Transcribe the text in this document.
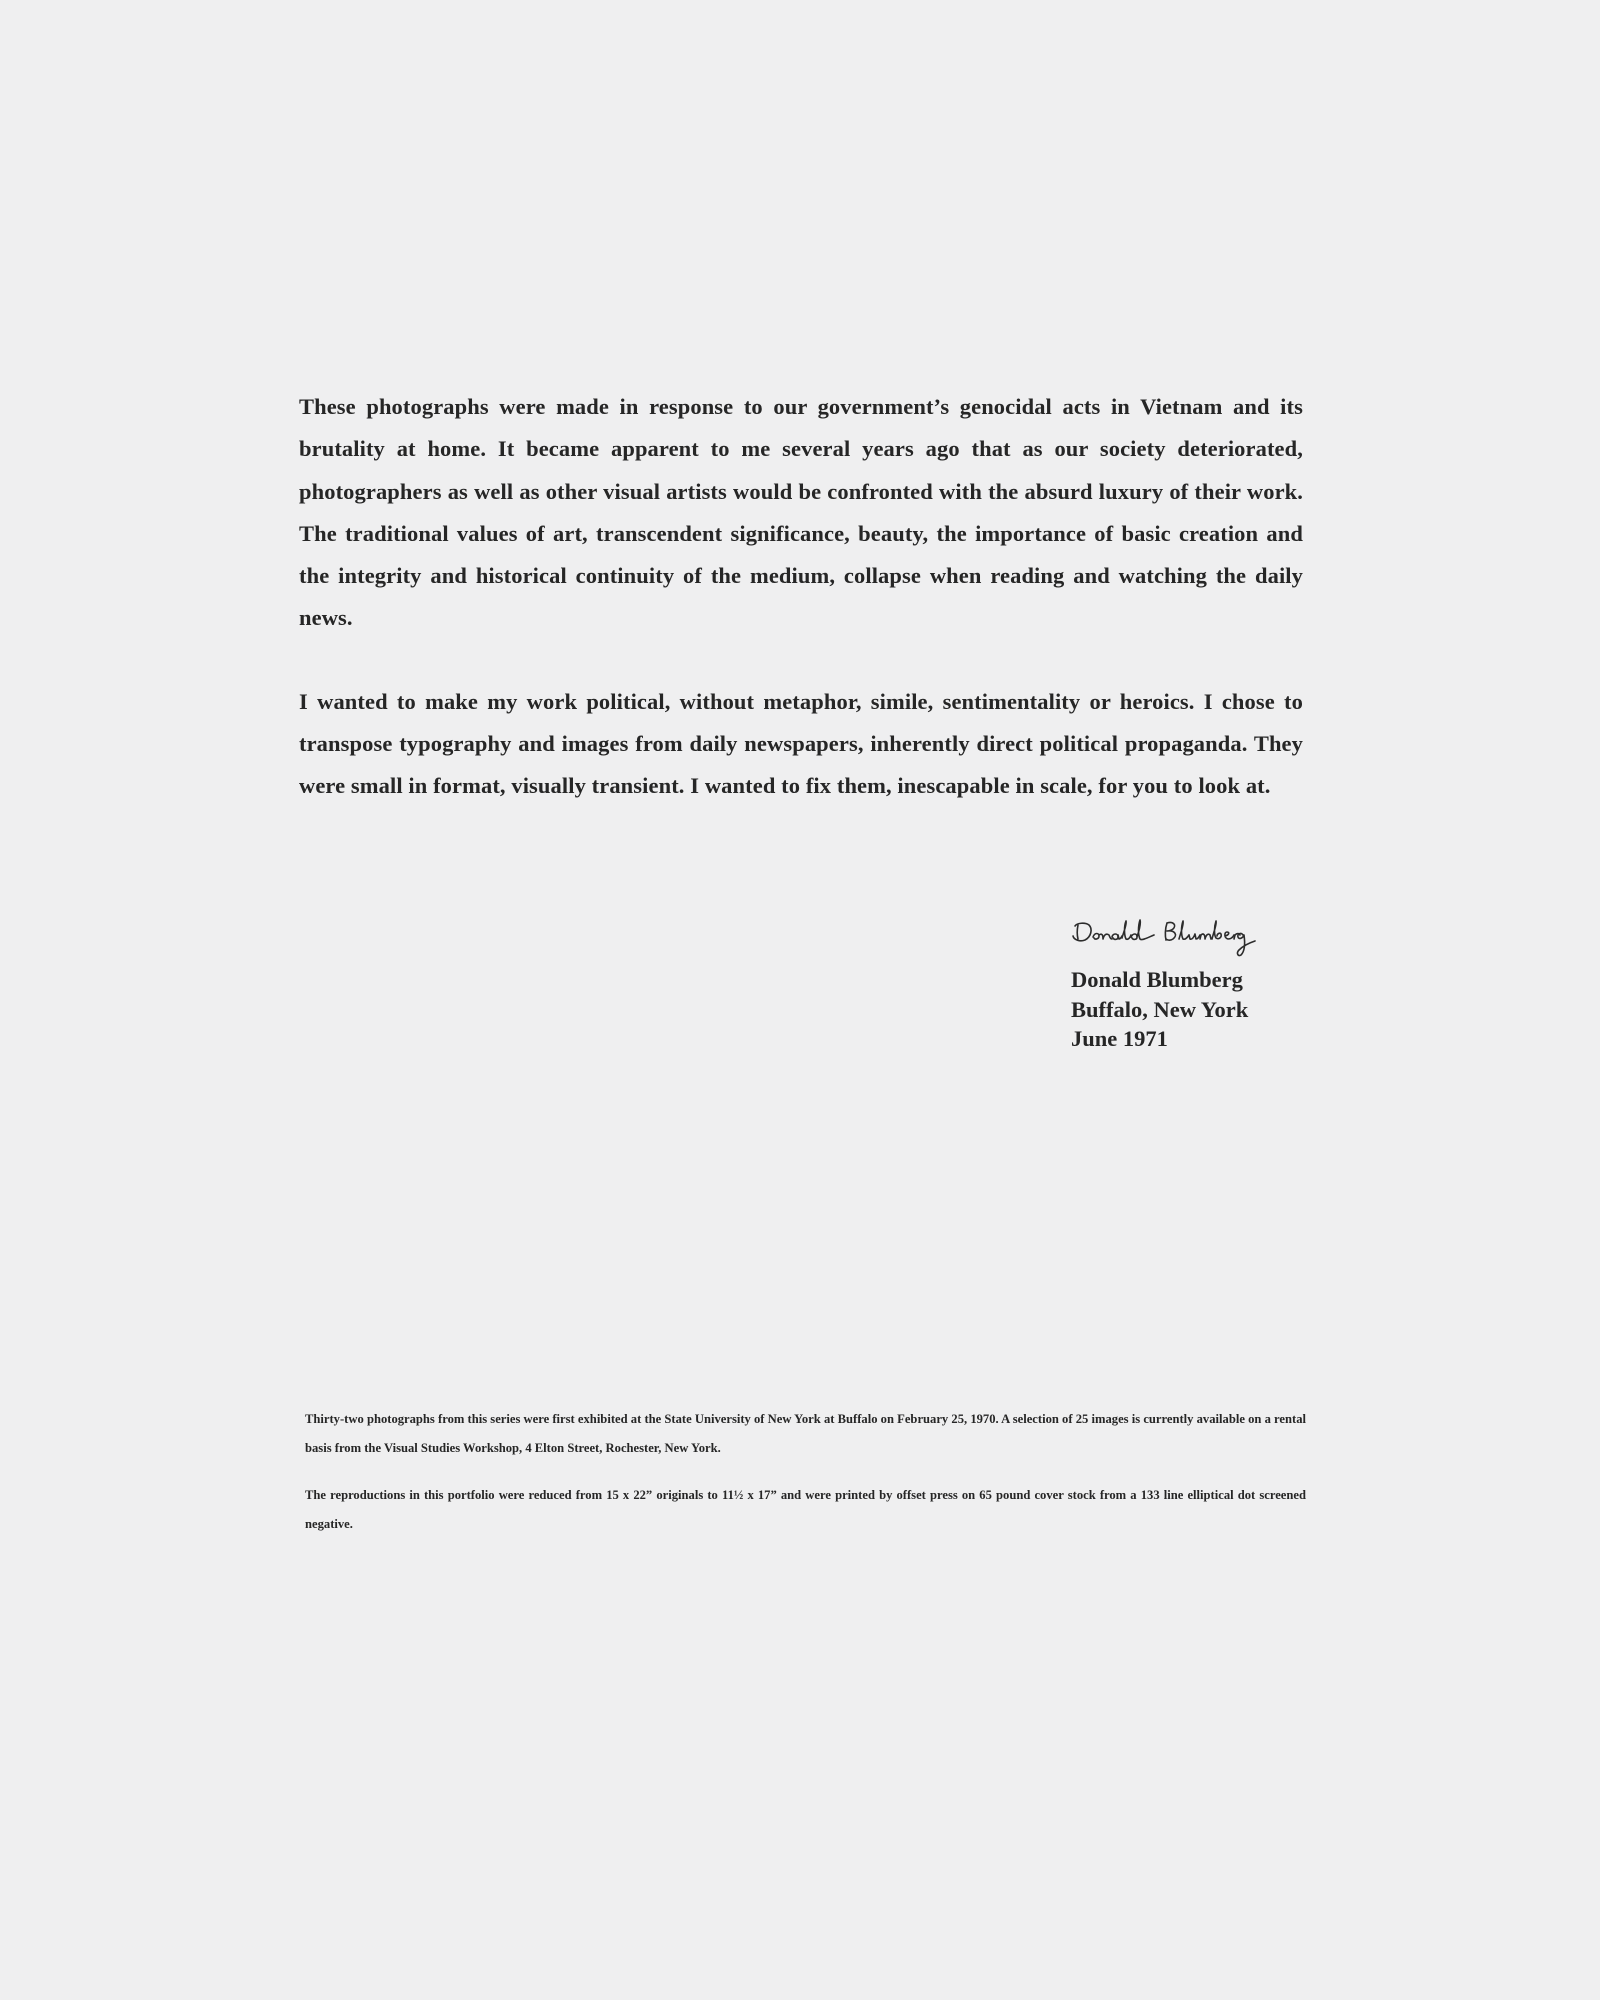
These photographs were made in response to our government’s genocidal acts in Vietnam and its brutality at home. It became apparent to me several years ago that as our society deteriorated, photographers as well as other visual artists would be confronted with the absurd luxury of their work. The traditional values of art, transcendent significance, beauty, the importance of basic creation and the integrity and historical continuity of the medium, collapse when reading and watching the daily news.

I wanted to make my work political, without metaphor, simile, sentimentality or heroics. I chose to transpose typography and images from daily newspapers, inherently direct political propaganda. They were small in format, visually transient. I wanted to fix them, inescapable in scale, for you to look at.

Donald Blumberg
Buffalo, New York
June 1971

Thirty-two photographs from this series were first exhibited at the State University of New York at Buffalo on February 25, 1970. A selection of 25 images is currently available on a rental basis from the Visual Studies Workshop, 4 Elton Street, Rochester, New York.

The reproductions in this portfolio were reduced from 15 x 22” originals to 11½ x 17” and were printed by offset press on 65 pound cover stock from a 133 line elliptical dot screened negative.
